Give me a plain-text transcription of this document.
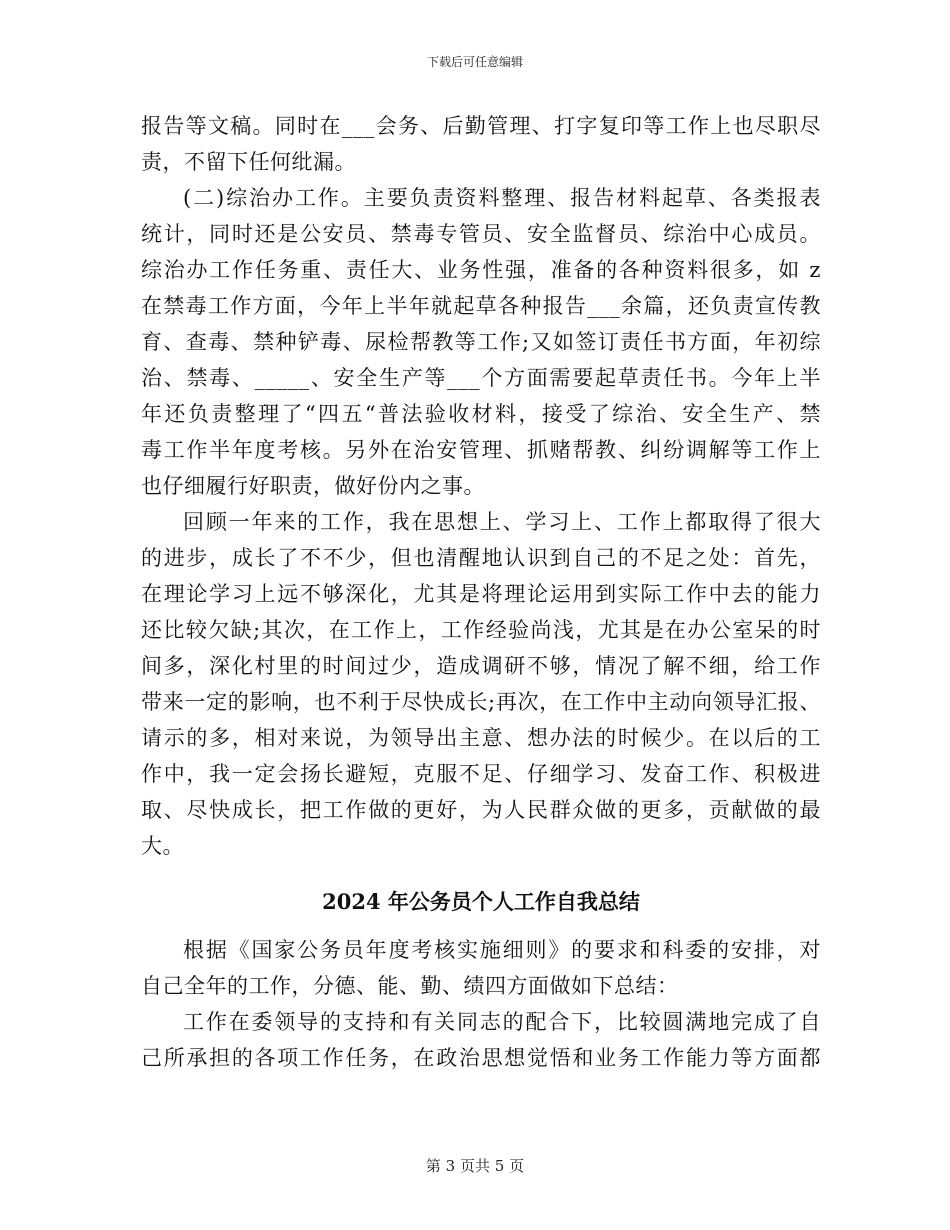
下载后可任意编辑
报告等文稿。同时在___会务、后勤管理、打字复印等工作上也尽职尽
责，不留下任何纰漏。
(二)综治办工作。主要负责资料整理、报告材料起草、各类报表
统计，同时还是公安员、禁毒专管员、安全监督员、综治中心成员。
综治办工作任务重、责任大、业务性强，准备的各种资料很多，如 z
在禁毒工作方面，今年上半年就起草各种报告___余篇，还负责宣传教
育、查毒、禁种铲毒、尿检帮教等工作;又如签订责任书方面，年初综
治、禁毒、_____、安全生产等___个方面需要起草责任书。今年上半
年还负责整理了“四五“普法验收材料，接受了综治、安全生产、禁
毒工作半年度考核。另外在治安管理、抓赌帮教、纠纷调解等工作上
也仔细履行好职责，做好份内之事。
回顾一年来的工作，我在思想上、学习上、工作上都取得了很大
的进步，成长了不不少，但也清醒地认识到自己的不足之处：首先，
在理论学习上远不够深化，尤其是将理论运用到实际工作中去的能力
还比较欠缺;其次，在工作上，工作经验尚浅，尤其是在办公室呆的时
间多，深化村里的时间过少，造成调研不够，情况了解不细，给工作
带来一定的影响，也不利于尽快成长;再次，在工作中主动向领导汇报、
请示的多，相对来说，为领导出主意、想办法的时候少。在以后的工
作中，我一定会扬长避短，克服不足、仔细学习、发奋工作、积极进
取、尽快成长，把工作做的更好，为人民群众做的更多，贡献做的最
大。
2024 年公务员个人工作自我总结
根据《国家公务员年度考核实施细则》的要求和科委的安排，对
自己全年的工作，分德、能、勤、绩四方面做如下总结：
工作在委领导的支持和有关同志的配合下，比较圆满地完成了自
己所承担的各项工作任务，在政治思想觉悟和业务工作能力等方面都
第 3 页共 5 页
